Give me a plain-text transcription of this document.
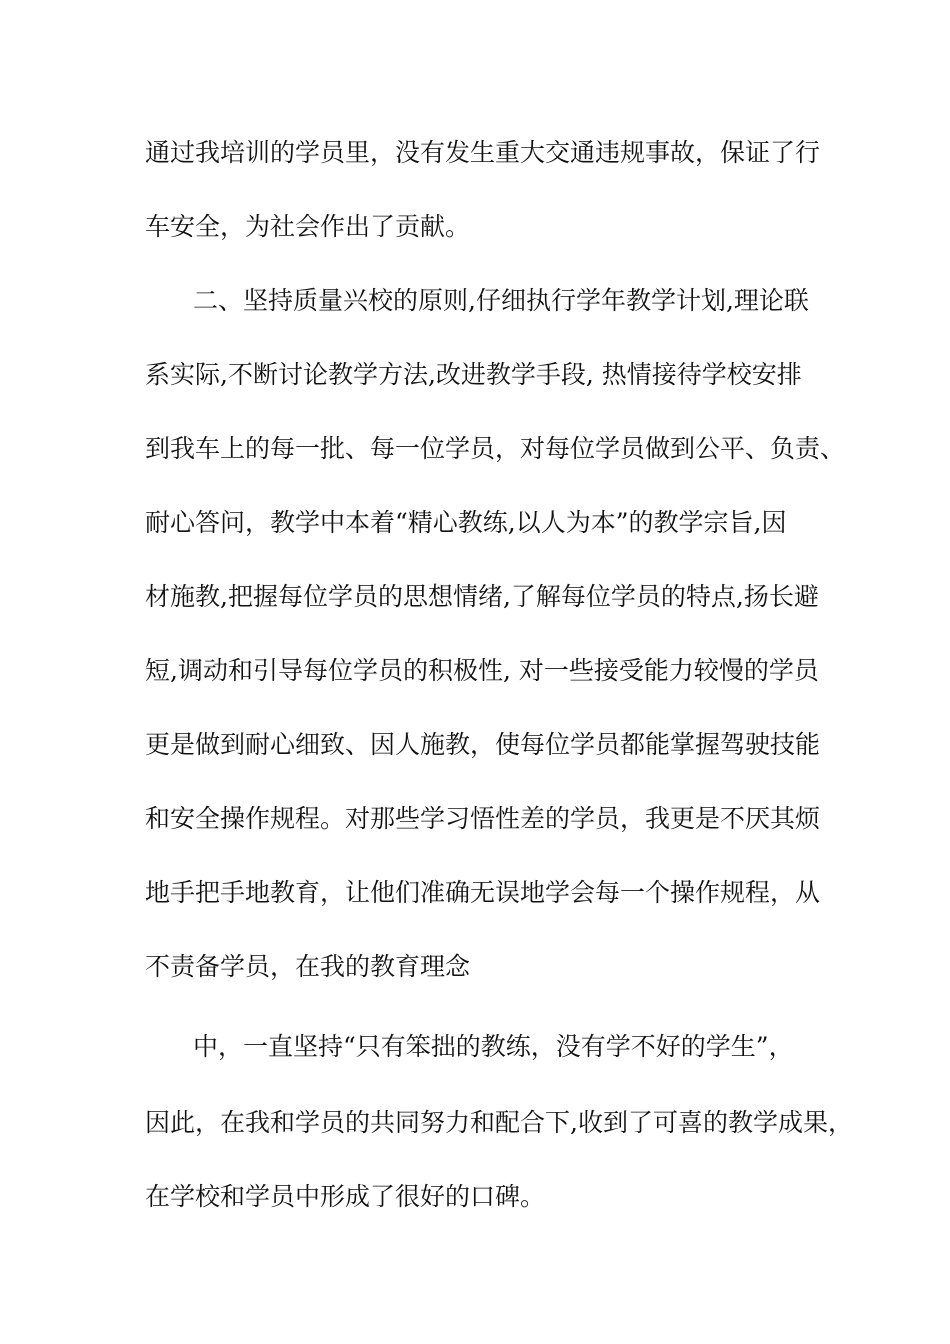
通过我培训的学员里，没有发生重大交通违规事故，保证了行
车安全，为社会作出了贡献。
二、坚持质量兴校的原则,仔细执行学年教学计划,理论联
系实际,不断讨论教学方法,改进教学手段, 热情接待学校安排
到我车上的每一批、每一位学员，对每位学员做到公平、负责、
耐心答问，教学中本着“精心教练,以人为本”的教学宗旨,因
材施教,把握每位学员的思想情绪,了解每位学员的特点,扬长避
短,调动和引导每位学员的积极性, 对一些接受能力较慢的学员
更是做到耐心细致、因人施教，使每位学员都能掌握驾驶技能
和安全操作规程。对那些学习悟性差的学员，我更是不厌其烦
地手把手地教育，让他们准确无误地学会每一个操作规程，从
不责备学员，在我的教育理念
中，一直坚持“只有笨拙的教练，没有学不好的学生”，
因此，在我和学员的共同努力和配合下,收到了可喜的教学成果，
在学校和学员中形成了很好的口碑。
